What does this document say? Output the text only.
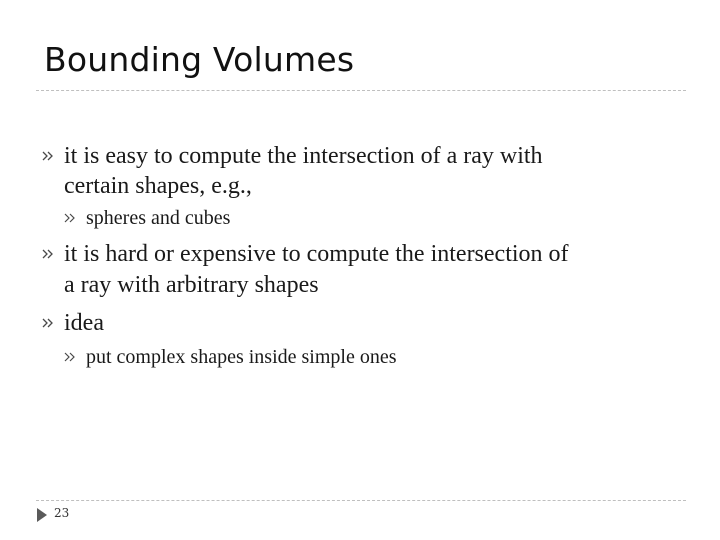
Bounding Volumes
it is easy to compute the intersection of a ray with
certain shapes, e.g.,
spheres and cubes
it is hard or expensive to compute the intersection of
a ray with arbitrary shapes
idea
put complex shapes inside simple ones
23
